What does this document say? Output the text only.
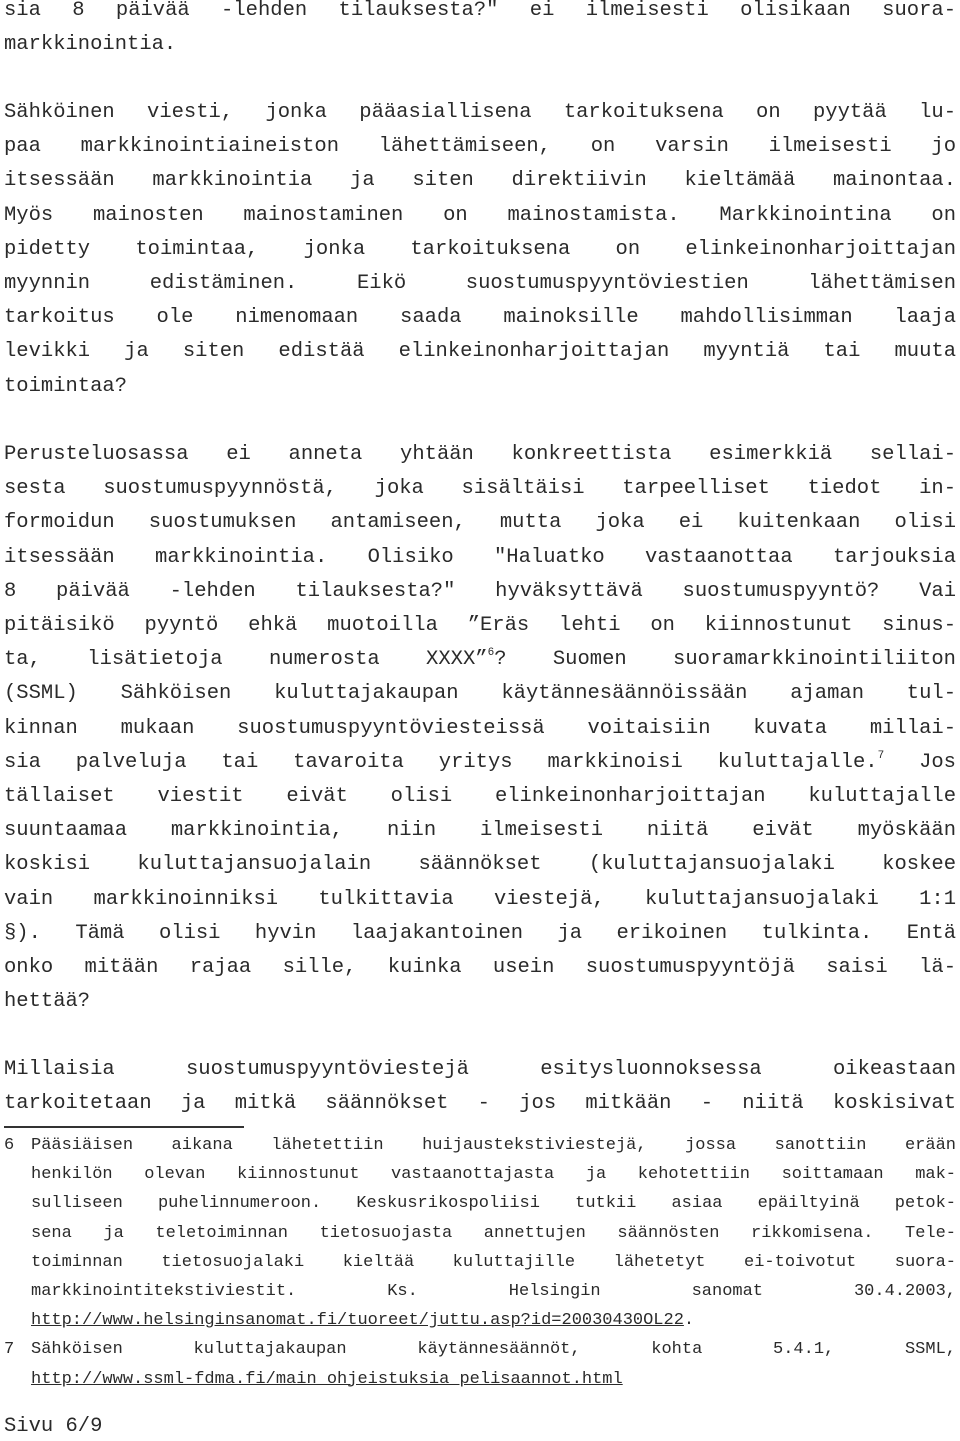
sia 8 päivää -lehden tilauksesta?" ei ilmeisesti olisikaan suora-
markkinointia.
Sähköinen viesti, jonka pääasiallisena tarkoituksena on pyytää lu-
paa markkinointiaineiston lähettämiseen, on varsin ilmeisesti jo
itsessään markkinointia ja siten direktiivin kieltämää mainontaa.
Myös mainosten mainostaminen on mainostamista. Markkinointina on
pidetty toimintaa, jonka tarkoituksena on elinkeinonharjoittajan
myynnin edistäminen. Eikö suostumuspyyntöviestien lähettämisen
tarkoitus ole nimenomaan saada mainoksille mahdollisimman laaja
levikki ja siten edistää elinkeinonharjoittajan myyntiä tai muuta
toimintaa?
Perusteluosassa ei anneta yhtään konkreettista esimerkkiä sellai-
sesta suostumuspyynnöstä, joka sisältäisi tarpeelliset tiedot in-
formoidun suostumuksen antamiseen, mutta joka ei kuitenkaan olisi
itsessään markkinointia. Olisiko "Haluatko vastaanottaa tarjouksia
8 päivää -lehden tilauksesta?" hyväksyttävä suostumuspyyntö? Vai
pitäisikö pyyntö ehkä muotoilla ”Eräs lehti on kiinnostunut sinus-
ta, lisätietoja numerosta XXXX”$^6$? Suomen suoramarkkinointiliiton
(SSML) Sähköisen kuluttajakaupan käytännesäännöissään ajaman tul-
kinnan mukaan suostumuspyyntöviesteissä voitaisiin kuvata millai-
sia palveluja tai tavaroita yritys markkinoisi kuluttajalle.$^7$ Jos
tällaiset viestit eivät olisi elinkeinonharjoittajan kuluttajalle
suuntaamaa markkinointia, niin ilmeisesti niitä eivät myöskään
koskisi kuluttajansuojalain säännökset (kuluttajansuojalaki koskee
vain markkinoinniksi tulkittavia viestejä, kuluttajansuojalaki 1:1
§). Tämä olisi hyvin laajakantoinen ja erikoinen tulkinta. Entä
onko mitään rajaa sille, kuinka usein suostumuspyyntöjä saisi lä-
hettää?
Millaisia suostumuspyyntöviestejä esitysluonnoksessa oikeastaan
tarkoitetaan ja mitkä säännökset - jos mitkään - niitä koskisivat
6 Pääsiäisen aikana lähetettiin huijaustekstiviestejä, jossa sanottiin erään
henkilön olevan kiinnostunut vastaanottajasta ja kehotettiin soittamaan mak-
sulliseen puhelinnumeroon. Keskusrikospoliisi tutkii asiaa epäiltyinä petok-
sena ja teletoiminnan tietosuojasta annettujen säännösten rikkomisena. Tele-
toiminnan tietosuojalaki kieltää kuluttajille lähetetyt ei-toivotut suora-
markkinointitekstiviestit. Ks. Helsingin sanomat 30.4.2003,
http://www.helsinginsanomat.fi/tuoreet/juttu.asp?id=20030430OL22.
7 Sähköisen kuluttajakaupan käytännesäännöt, kohta 5.4.1, SSML,
http://www.ssml-fdma.fi/main_ohjeistuksia_pelisaannot.html
Sivu 6/9
